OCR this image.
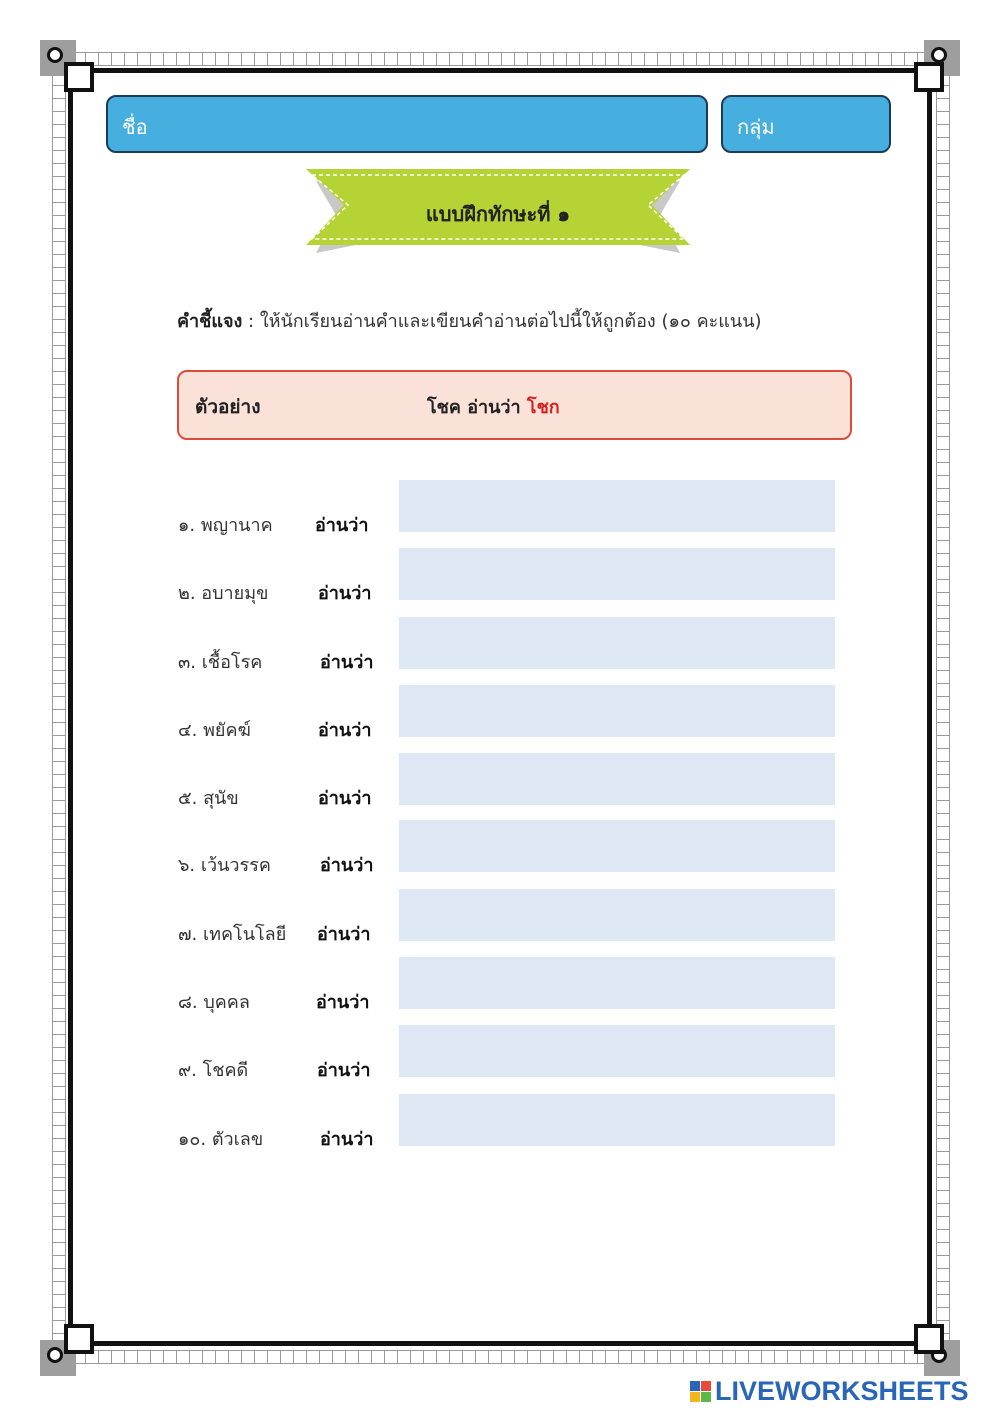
ชื่อ	กลุ่ม
แบบฝึกทักษะที่ ๑
คำชี้แจง : ให้นักเรียนอ่านคำและเขียนคำอ่านต่อไปนี้ให้ถูกต้อง (๑๐ คะแนน)
ตัวอย่าง	โชค อ่านว่า โชก
๑. พญานาค อ่านว่า
๒. อบายมุข	อ่านว่า
๓. เชื้อโรค	อ่านว่า
๔. พยัคฆ์	อ่านว่า
๕. สุนัข	อ่านว่า
๖. เว้นวรรค	อ่านว่า
๗. เทคโนโลยี อ่านว่า
๘. บุคคล	อ่านว่า
๙. โชคดี	อ่านว่า
๑๐. ตัวเลข	อ่านว่า
LIVEWORKSHEETS
